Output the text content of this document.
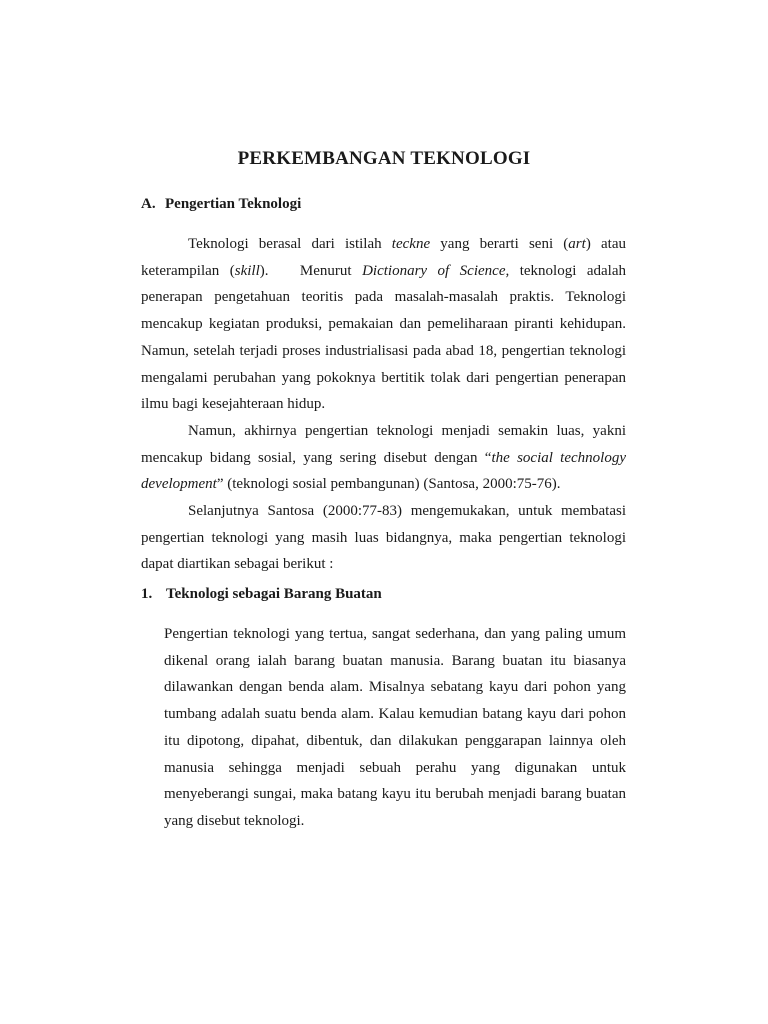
PERKEMBANGAN TEKNOLOGI
A. Pengertian Teknologi

Teknologi berasal dari istilah teckne yang berarti seni (art) atau keterampilan (skill).   Menurut Dictionary of Science, teknologi adalah penerapan pengetahuan teoritis pada masalah-masalah praktis. Teknologi mencakup kegiatan produksi, pemakaian dan pemeliharaan piranti kehidupan. Namun, setelah terjadi proses industrialisasi pada abad 18, pengertian teknologi mengalami perubahan yang pokoknya bertitik tolak dari pengertian penerapan ilmu bagi kesejahteraan hidup.

Namun, akhirnya pengertian teknologi menjadi semakin luas, yakni mencakup bidang sosial, yang sering disebut dengan “the social technology development” (teknologi sosial pembangunan) (Santosa, 2000:75-76).

Selanjutnya Santosa (2000:77-83) mengemukakan, untuk membatasi pengertian teknologi yang masih luas bidangnya, maka pengertian teknologi dapat diartikan sebagai berikut :

1. Teknologi sebagai Barang Buatan

Pengertian teknologi yang tertua, sangat sederhana, dan yang paling umum dikenal orang ialah barang buatan manusia. Barang buatan itu biasanya dilawankan dengan benda alam. Misalnya sebatang kayu dari pohon yang tumbang adalah suatu benda alam. Kalau kemudian batang kayu dari pohon itu dipotong, dipahat, dibentuk, dan dilakukan penggarapan lainnya oleh manusia sehingga menjadi sebuah perahu yang digunakan untuk menyeberangi sungai, maka batang kayu itu berubah menjadi barang buatan yang disebut teknologi.
